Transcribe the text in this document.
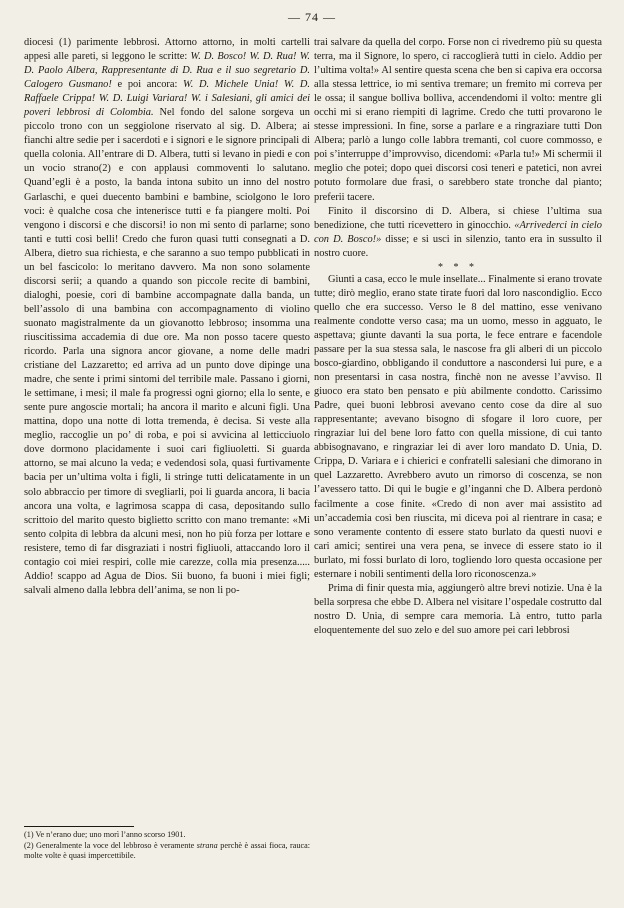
— 74 —

diocesi (1) parimente lebbrosi. Attorno attorno, in molti cartelli appesi alle pareti, si leggono le scritte: W. D. Bosco! W. D. Rua! W. D. Paolo Albera, Rappresentante di D. Rua e il suo segretario D. Calogero Gusmano! e poi ancora: W. D. Michele Unia! W. D. Raffaele Crippa! W. D. Luigi Variara! W. i Salesiani, gli amici dei poveri lebbrosi di Colombia. Nel fondo del salone sorgeva un piccolo trono con un seggiolone riservato al sig. D. Albera; ai fianchi altre sedie per i sacerdoti e i signori e le signore principali di quella colonia. All’entrare di D. Albera, tutti si levano in piedi e con un vocio strano(2) e con applausi commoventi lo salutano. Quand’egli è a posto, la banda intona subito un inno del nostro Garlaschi, e quei duecento bambini e bambine, sciolgono le loro voci: è qualche cosa che intenerisce tutti e fa piangere molti. Poi vengono i discorsi e che discorsi! io non mi sento di parlarne; sono tanti e tutti così belli! Credo che furon quasi tutti consegnati a D. Albera, dietro sua richiesta, e che saranno a suo tempo pubblicati in un bel fascicolo: lo meritano davvero. Ma non sono solamente discorsi serii; a quando a quando son piccole recite di bambini, dialoghi, poesie, cori di bambine accompagnate dalla banda, un bell’assolo di una bambina con accompagnamento di violino suonato magistralmente da un giovanotto lebbroso; insomma una riuscitissima accademia di due ore. Ma non posso tacere questo ricordo. Parla una signora ancor giovane, a nome delle madri cristiane del Lazzaretto; ed arriva ad un punto dove dipinge una madre, che sente i primi sintomi del terribile male. Passano i giorni, le settimane, i mesi; il male fa progressi ogni giorno; ella lo sente, e sente pure angoscie mortali; ha ancora il marito e alcuni figli. Una mattina, dopo una notte di lotta tremenda, è decisa. Si veste alla meglio, raccoglie un po’ di roba, e poi si avvicina al letticciuolo dove dormono placidamente i suoi cari figliuoletti. Si guarda attorno, se mai alcuno la veda; e vedendosi sola, quasi furtivamente bacia per un’ultima volta i figli, li stringe tutti delicatamente in un solo abbraccio per timore di svegliarli, poi li guarda ancora, li bacia ancora una volta, e lagrimosa scappa di casa, depositando sullo scrittoio del marito questo biglietto scritto con mano tremante: «Mi sento colpita di lebbra da alcuni mesi, non ho più forza per lottare e resistere, temo di far disgraziati i nostri figliuoli, attaccando loro il contagio coi miei respiri, colle mie carezze, colla mia presenza..... Addio! scappo ad Agua de Dios. Sii buono, fa buoni i miei figli; salvali almeno dalla lebbra dell’anima, se non li po-

trai salvare da quella del corpo. Forse non ci rivedremo più su questa terra, ma il Signore, lo spero, ci raccoglierà tutti in cielo. Addio per l’ultima volta!» Al sentire questa scena che ben si capiva era occorsa alla stessa lettrice, io mi sentiva tremare; un fremito mi correva per le ossa; il sangue bolliva bolliva, accendendomi il volto: mentre gli occhi mi si erano riempiti di lagrime. Credo che tutti provarono le stesse impressioni. In fine, sorse a parlare e a ringraziare tutti Don Albera; parlò a lungo colle labbra tremanti, col cuore commosso, e poi s’interruppe d’improvviso, dicendomi: «Parla tu!» Mi schermii il meglio che potei; dopo quei discorsi così teneri e patetici, non avrei potuto formolare due frasi, o sarebbero state tronche dal pianto; preferii tacere.

Finito il discorsino di D. Albera, si chiese l’ultima sua benedizione, che tutti ricevettero in ginocchio. «Arrivederci in cielo con D. Bosco!» disse; e si usci in silenzio, tanto era in sussulto il nostro cuore.

* * *

Giunti a casa, ecco le mule insellate... Finalmente si erano trovate tutte; dirò meglio, erano state tirate fuori dal loro nascondiglio. Ecco quello che era successo. Verso le 8 del mattino, esse venivano realmente condotte verso casa; ma un uomo, messo in agguato, le aspettava; giunte davanti la sua porta, le fece entrare e facendole passare per la sua stessa sala, le nascose fra gli alberi di un piccolo bosco-giardino, obbligando il conduttore a nascondersi lui pure, e a non presentarsi in casa nostra, finchè non ne avesse l’avviso. Il giuoco era stato ben pensato e più abilmente condotto. Carissimo Padre, quei buoni lebbrosi avevano cento cose da dire al suo rappresentante; avevano bisogno di sfogare il loro cuore, per ringraziar lui del bene loro fatto con quella missione, di cui tanto abbisognavano, e ringraziar lei di aver loro mandato D. Unia, D. Crippa, D. Variara e i chierici e confratelli salesiani che dimorano in quel Lazzaretto. Avrebbero avuto un rimorso di coscenza, se non l’avessero tatto. Di qui le bugie e gl’inganni che D. Albera perdonò facilmente a cose finite. «Credo di non aver mai assistito ad un’accademia così ben riuscita, mi diceva poi al rientrare in casa; e sono veramente contento di essere stato burlato da questi nuovi e cari amici; sentirei una vera pena, se invece di essere stato io il burlato, mi fossi burlato di loro, togliendo loro questa occasione per esternare i nobili sentimenti della loro riconoscenza.»

Prima di finir questa mia, aggiungerò altre brevi notizie. Una è la bella sorpresa che ebbe D. Albera nel visitare l’ospedale costrutto dal nostro D. Unia, di sempre cara memoria. Là entro, tutto parla eloquentemente del suo zelo e del suo amore pei cari lebbrosi

(1) Ve n’erano due; uno morì l’anno scorso 1901.

(2) Generalmente la voce del lebbroso è veramente strana perchè è assai fioca, rauca: molte volte è quasi impercettibile.
